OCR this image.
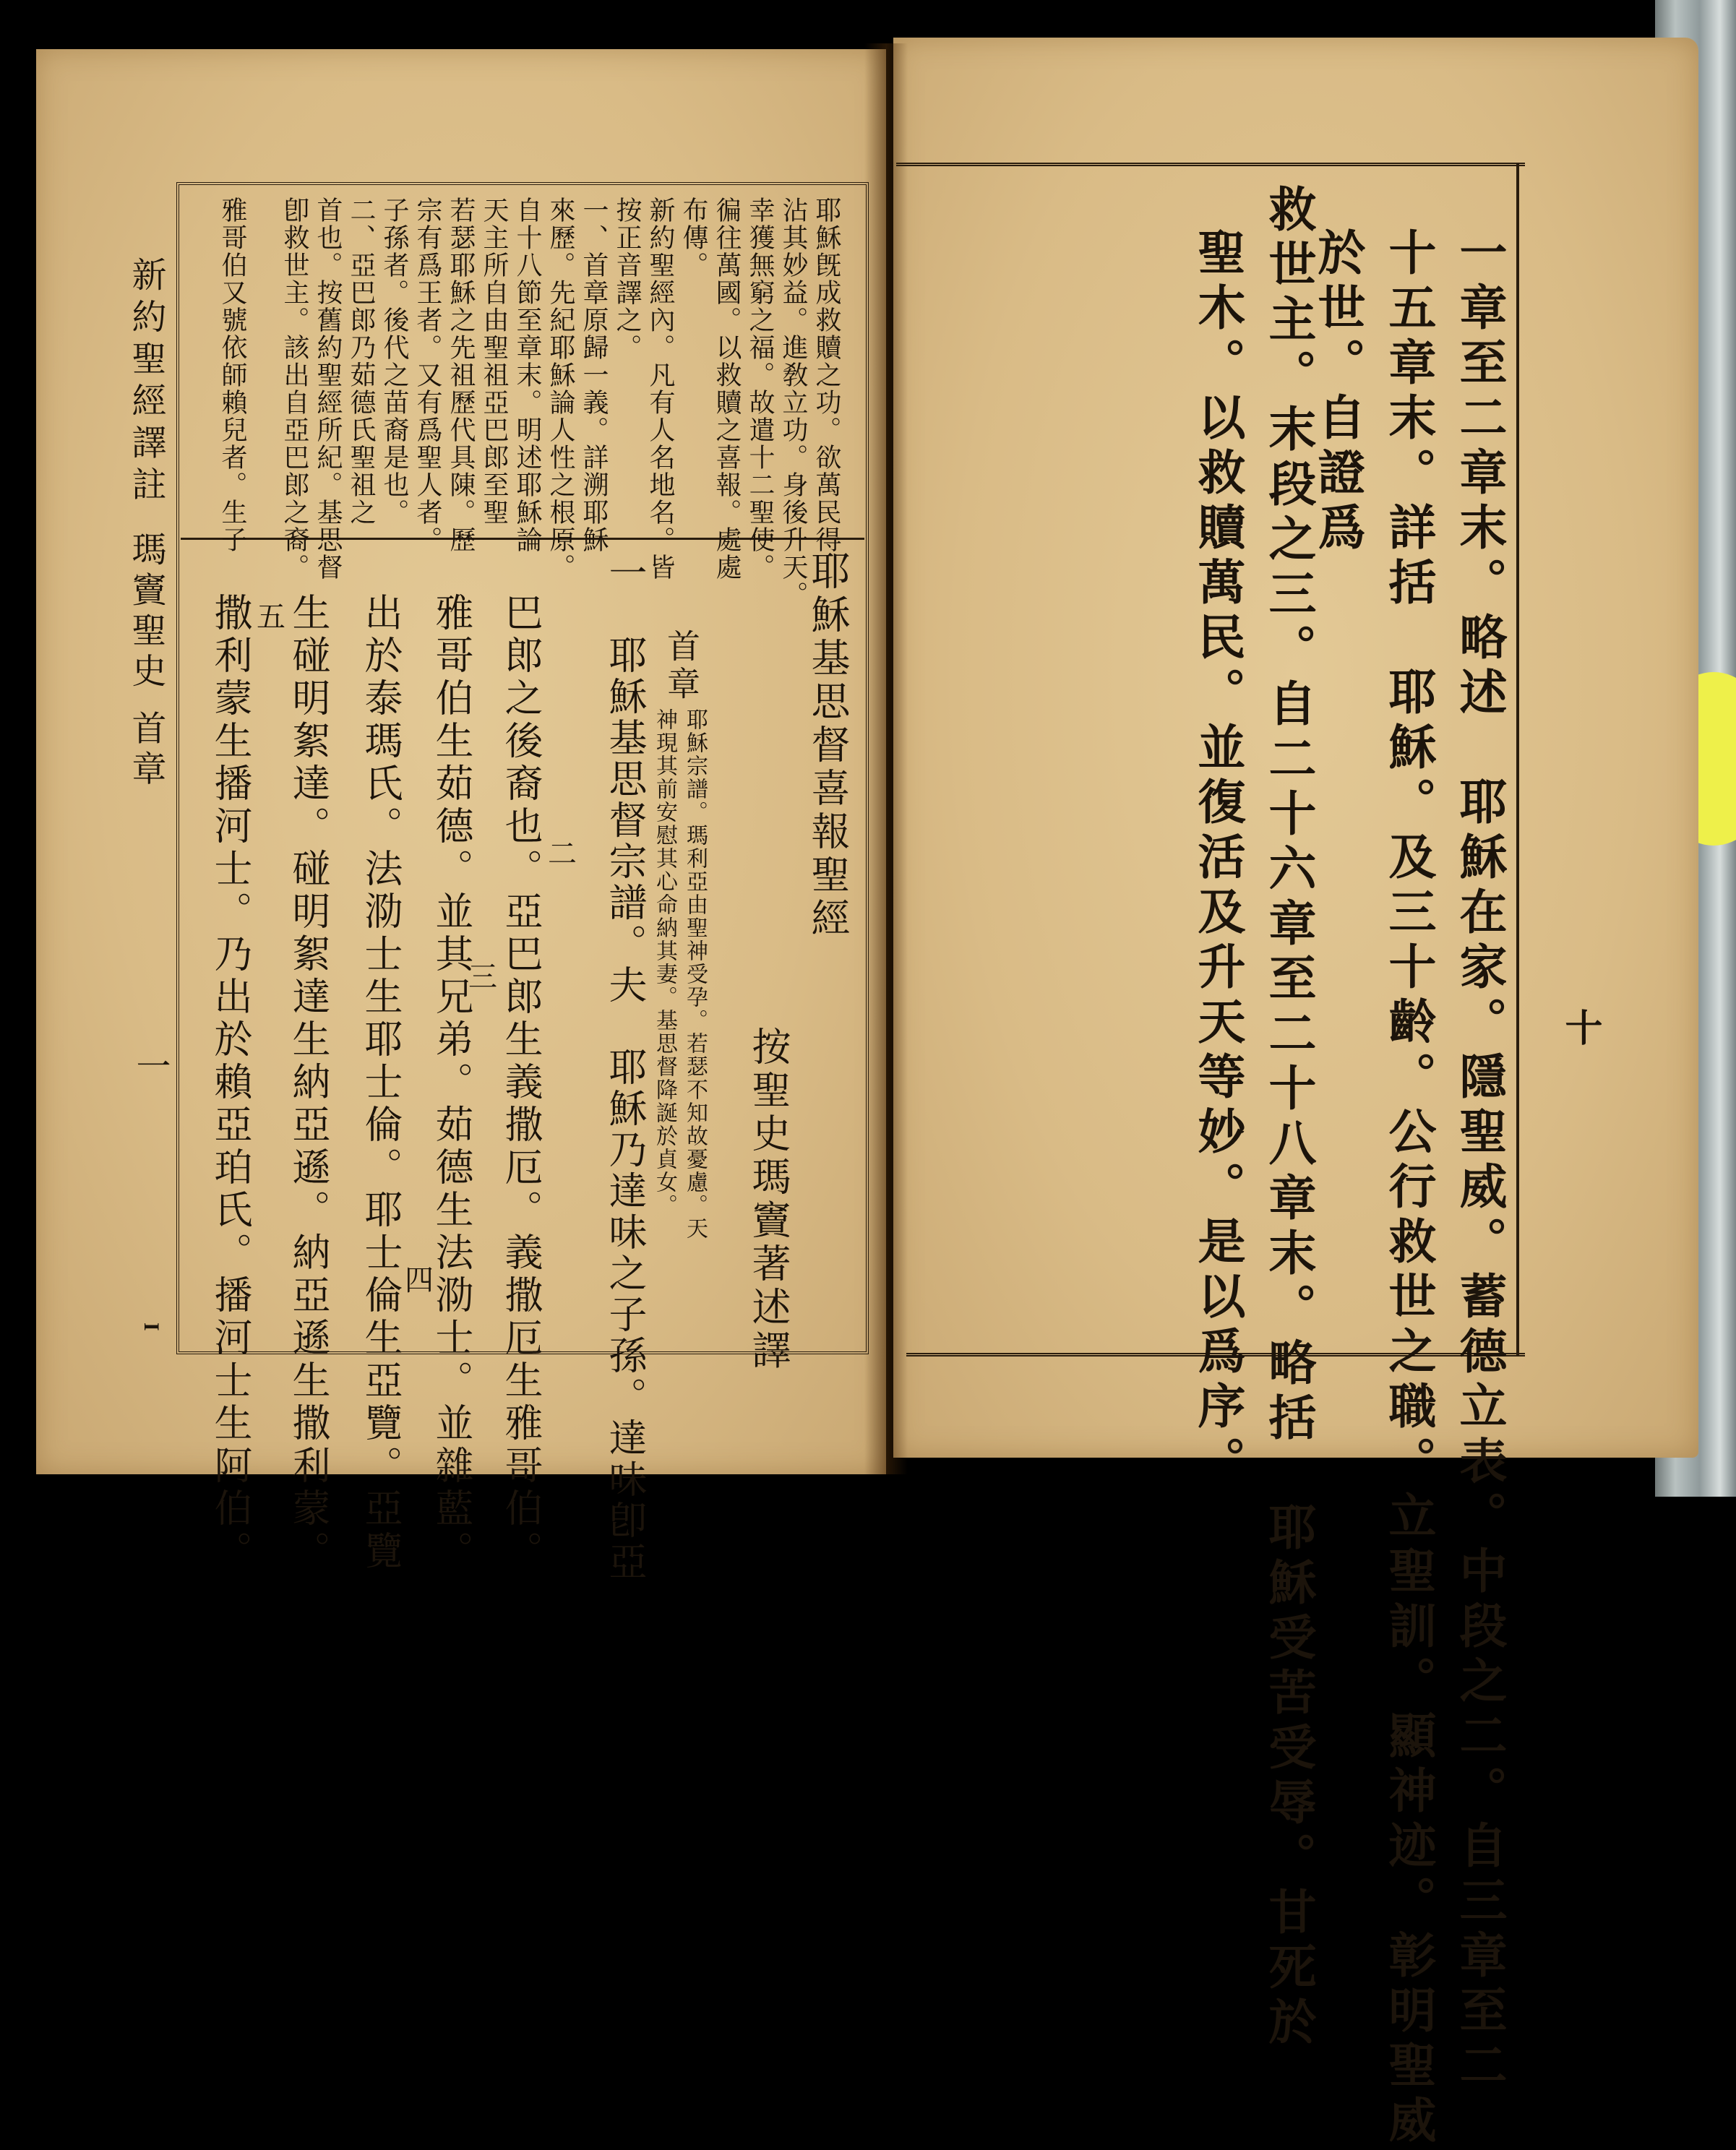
新約聖經譯註
瑪竇聖史 首章
一
I
耶穌旣成救贖之功。欲萬民得
沾其妙益。進敎立功。身後升天。
幸獲無窮之福。故遣十二聖使。
徧往萬國。以救贖之喜報。處處
布傳。
新約聖經內。凡有人名地名。皆
按正音譯之。
一、首章原歸一義。詳溯耶穌
來歷。先紀耶穌論人性之根原。
自十八節至章末。明述耶穌論
天主所自由聖祖亞巴郎至聖
若瑟耶穌之先祖歷代具陳。歷
宗有爲王者。又有爲聖人者。
子孫者。後代之苗裔是也。
二、亞巴郎乃茹德氏聖祖之
首也。按舊約聖經所紀。基思督
卽救世主。該出自亞巴郎之裔。
雅哥伯又號依師賴兒者。生子
耶穌基思督喜報聖經
按聖史瑪竇著述譯
首章
耶穌宗譜。瑪利亞由聖神受孕。若瑟不知故憂慮。天
神現其前安慰其心命納其妻。基思督降誕於貞女。
一　耶穌基思督宗譜。夫　耶穌乃達味之子孫。達味卽亞
巴郎之後裔也。亞巴郎生義撒厄。義撒厄生雅哥伯。
雅哥伯生茹德。並其兄弟。茹德生法泐士。並雜藍。
出於泰瑪氏。法泐士生耶士倫。耶士倫生亞覽。亞覽
生碰明絮達。碰明絮達生納亞遜。納亞遜生撒利蒙。
撒利蒙生播河士。乃出於賴亞珀氏。播河士生阿伯。	二
三
四
五
十
一章至二章末。略述　耶穌在家。隱聖威。蓄德立表。中段之二。自三章至二
十五章末。詳括　耶穌。及三十齡。公行救世之職。立聖訓。顯神迹。彰明聖威
於世。自證爲
救世主。末段之三。自二十六章至二十八章末。略括　耶穌受苦受辱。甘死於
聖木。以救贖萬民。並復活及升天等妙。是以爲序。
